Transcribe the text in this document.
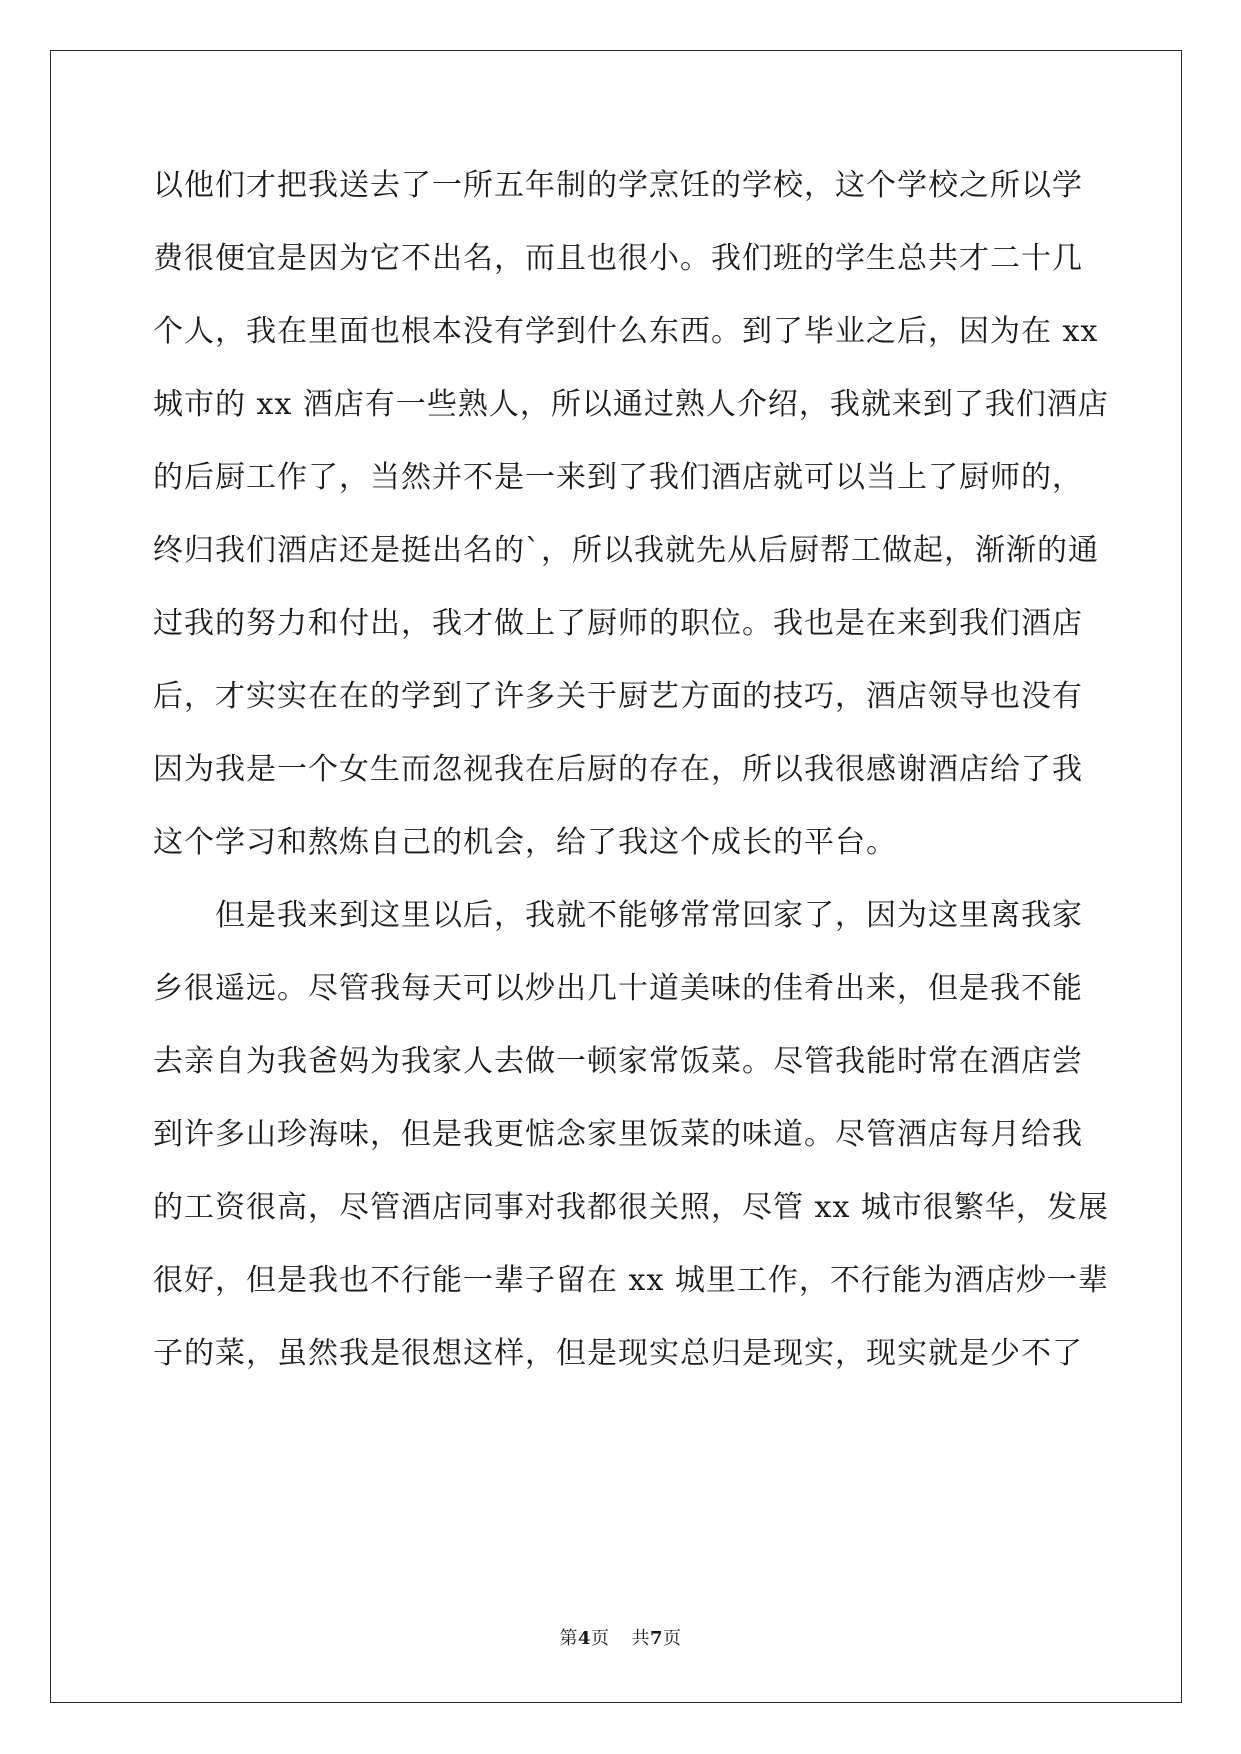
以他们才把我送去了一所五年制的学烹饪的学校，这个学校之所以学
费很便宜是因为它不出名，而且也很小。我们班的学生总共才二十几
个人，我在里面也根本没有学到什么东西。到了毕业之后，因为在 xx
城市的 xx 酒店有一些熟人，所以通过熟人介绍，我就来到了我们酒店
的后厨工作了，当然并不是一来到了我们酒店就可以当上了厨师的，
终归我们酒店还是挺出名的`，所以我就先从后厨帮工做起，渐渐的通
过我的努力和付出，我才做上了厨师的职位。我也是在来到我们酒店
后，才实实在在的学到了许多关于厨艺方面的技巧，酒店领导也没有
因为我是一个女生而忽视我在后厨的存在，所以我很感谢酒店给了我
这个学习和熬炼自己的机会，给了我这个成长的平台。
但是我来到这里以后，我就不能够常常回家了，因为这里离我家
乡很遥远。尽管我每天可以炒出几十道美味的佳肴出来，但是我不能
去亲自为我爸妈为我家人去做一顿家常饭菜。尽管我能时常在酒店尝
到许多山珍海味，但是我更惦念家里饭菜的味道。尽管酒店每月给我
的工资很高，尽管酒店同事对我都很关照，尽管 xx 城市很繁华，发展
很好，但是我也不行能一辈子留在 xx 城里工作，不行能为酒店炒一辈
子的菜，虽然我是很想这样，但是现实总归是现实，现实就是少不了
第4页 共7页
